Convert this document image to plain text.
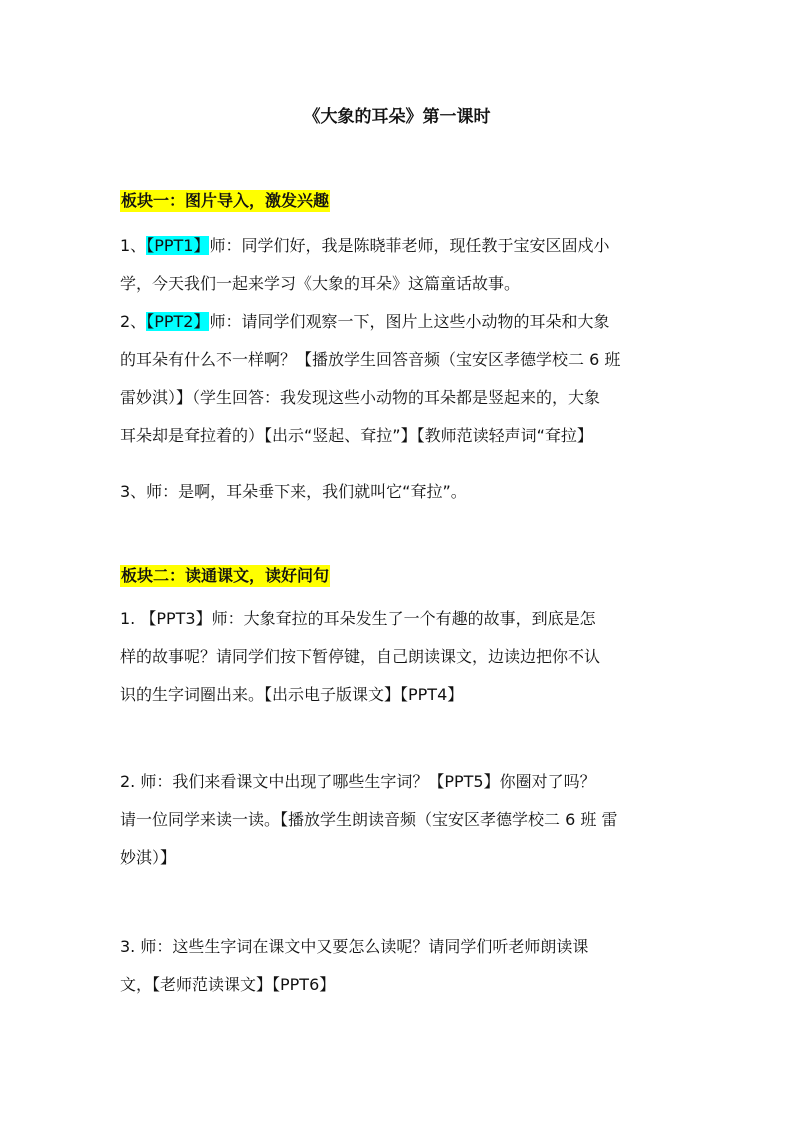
《大象的耳朵》第一课时
板块一：图片导入，激发兴趣
1、【PPT1】师：同学们好，我是陈晓菲老师，现任教于宝安区固戍小
学，今天我们一起来学习《大象的耳朵》这篇童话故事。
2、【PPT2】师：请同学们观察一下，图片上这些小动物的耳朵和大象
的耳朵有什么不一样啊？【播放学生回答音频（宝安区孝德学校二 6 班
雷妙淇）】（学生回答：我发现这些小动物的耳朵都是竖起来的，大象
耳朵却是耷拉着的）【出示“竖起、耷拉”】【教师范读轻声词“耷拉】
3、师：是啊，耳朵垂下来，我们就叫它“耷拉”。
板块二：读通课文，读好问句
1. 【PPT3】师：大象耷拉的耳朵发生了一个有趣的故事，到底是怎
样的故事呢？请同学们按下暂停键，自己朗读课文，边读边把你不认
识的生字词圈出来。【出示电子版课文】【PPT4】
2. 师：我们来看课文中出现了哪些生字词？【PPT5】你圈对了吗？
请一位同学来读一读。【播放学生朗读音频（宝安区孝德学校二 6 班 雷
妙淇）】
3. 师：这些生字词在课文中又要怎么读呢？请同学们听老师朗读课
文，【老师范读课文】【PPT6】
